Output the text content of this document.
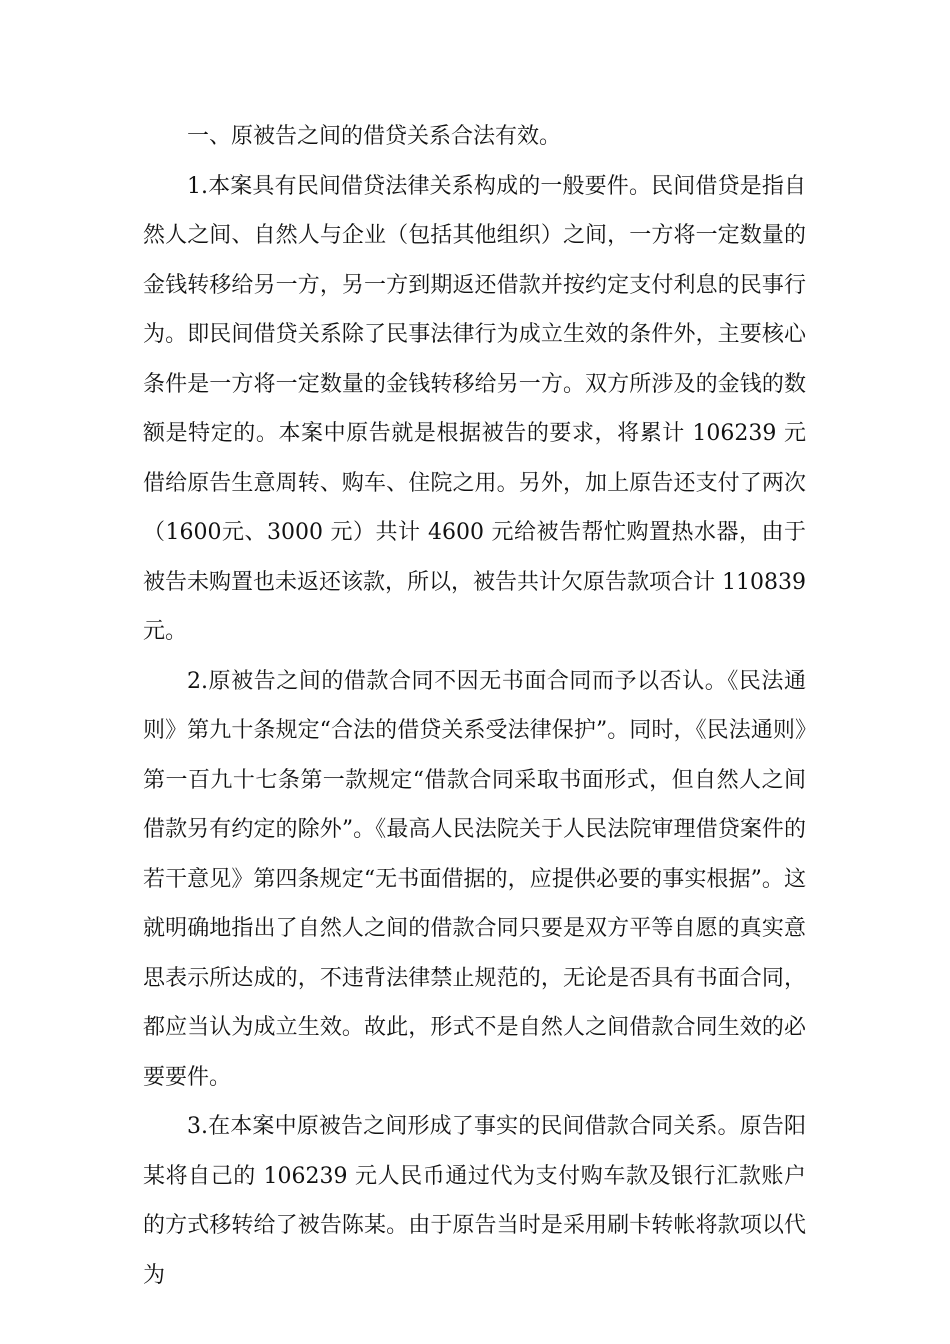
一、原被告之间的借贷关系合法有效。

1.本案具有民间借贷法律关系构成的一般要件。民间借贷是指自然人之间、自然人与企业（包括其他组织）之间，一方将一定数量的金钱转移给另一方，另一方到期返还借款并按约定支付利息的民事行为。即民间借贷关系除了民事法律行为成立生效的条件外，主要核心条件是一方将一定数量的金钱转移给另一方。双方所涉及的金钱的数额是特定的。本案中原告就是根据被告的要求，将累计 106239 元借给原告生意周转、购车、住院之用。另外，加上原告还支付了两次（1600元、3000 元）共计 4600 元给被告帮忙购置热水器，由于被告未购置也未返还该款，所以，被告共计欠原告款项合计 110839 元。

2.原被告之间的借款合同不因无书面合同而予以否认。《民法通则》第九十条规定“合法的借贷关系受法律保护”。同时，《民法通则》第一百九十七条第一款规定“借款合同采取书面形式，但自然人之间借款另有约定的除外”。《最高人民法院关于人民法院审理借贷案件的若干意见》第四条规定“无书面借据的，应提供必要的事实根据”。这就明确地指出了自然人之间的借款合同只要是双方平等自愿的真实意思表示所达成的，不违背法律禁止规范的，无论是否具有书面合同，都应当认为成立生效。故此，形式不是自然人之间借款合同生效的必要要件。

3.在本案中原被告之间形成了事实的民间借款合同关系。原告阳某将自己的 106239 元人民币通过代为支付购车款及银行汇款账户的方式移转给了被告陈某。由于原告当时是采用刷卡转帐将款项以代为
